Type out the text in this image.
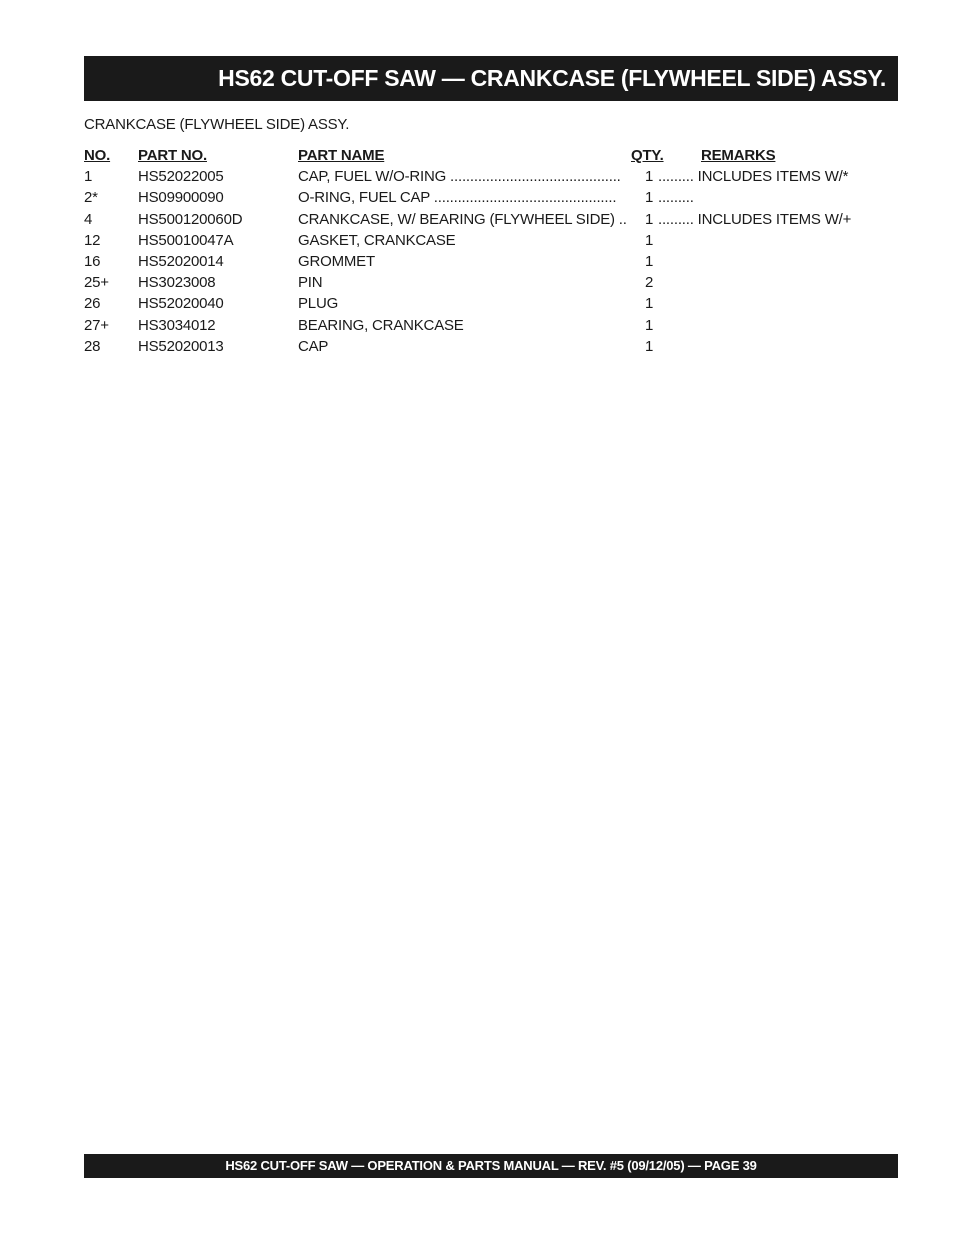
HS62 CUT-OFF SAW — CRANKCASE (FLYWHEEL SIDE) ASSY.
CRANKCASE (FLYWHEEL SIDE) ASSY.
NO. PART NO.	PART NAME	QTY. REMARKS
1	HS52022005	CAP, FUEL W/O-RING ...........................................	1 ......... INCLUDES ITEMS W/*
2*	HS09900090	O-RING, FUEL CAP ..............................................	1 .........
4	HS500120060D	CRANKCASE, W/ BEARING (FLYWHEEL SIDE) ..	1 ......... INCLUDES ITEMS W/+
12	HS50010047A	GASKET, CRANKCASE	1
16	HS52020014	GROMMET	1
25+ HS3023008	PIN	2
26	HS52020040	PLUG	1
27+ HS3034012	BEARING, CRANKCASE	1
28	HS52020013	CAP	1
HS62 CUT-OFF SAW — OPERATION & PARTS MANUAL — REV. #5 (09/12/05) — PAGE 39
